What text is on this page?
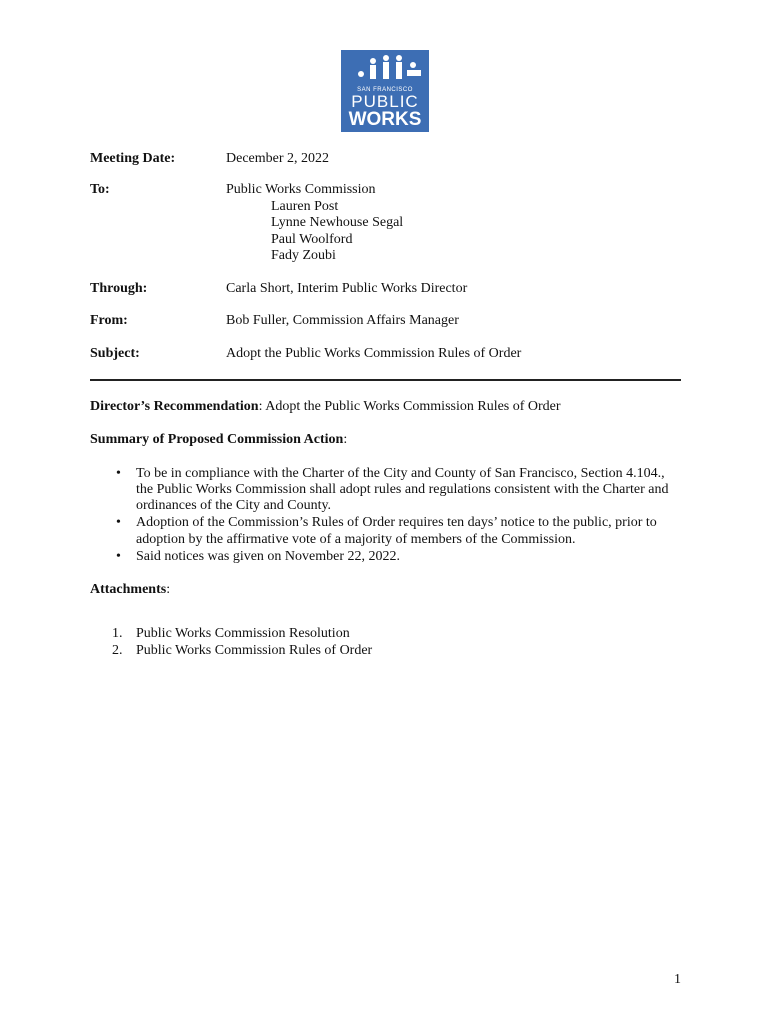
SAN FRANCISCO
PUBLIC
WORKS
Meeting Date:	December 2, 2022
To:	Public Works Commission
Lauren Post
Lynne Newhouse Segal
Paul Woolford
Fady Zoubi
Through:	Carla Short, Interim Public Works Director
From:	Bob Fuller, Commission Affairs Manager
Subject:	Adopt the Public Works Commission Rules of Order
Director’s Recommendation: Adopt the Public Works Commission Rules of Order
Summary of Proposed Commission Action:
• To be in compliance with the Charter of the City and County of San Francisco, Section 4.104.,
the Public Works Commission shall adopt rules and regulations consistent with the Charter and
ordinances of the City and County.
• Adoption of the Commission’s Rules of Order requires ten days’ notice to the public, prior to
adoption by the affirmative vote of a majority of members of the Commission.
• Said notices was given on November 22, 2022.
Attachments:
1. Public Works Commission Resolution
2. Public Works Commission Rules of Order
1
